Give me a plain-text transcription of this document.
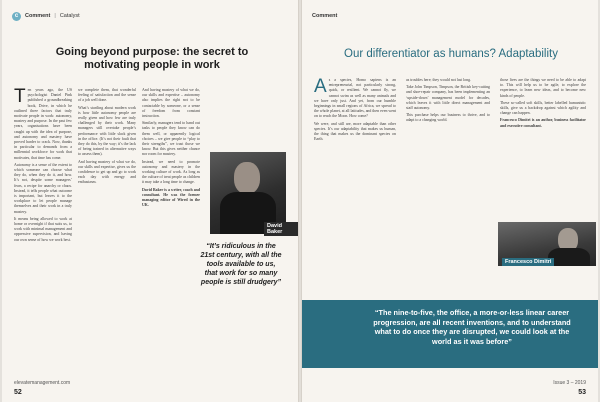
c	Comment | Catalyst
Going beyond purpose: the secret to motivating people in work
T en years ago, the US psychologist Daniel Pink published a groundbreaking book, Drive, in which he outlined three factors that truly motivate people in work: autonomy, mastery and purpose. In the past few years, organisations have been caught up with the idea of purpose, and autonomy and mastery have proved harder to crack. Now, thanks in particular to demands from a millennial workforce for work that motivates, that time has come.

Autonomy is a sense of the extent to which someone can choose what they do, when they do it, and how. It’s not, despite some managers’ fears, a recipe for anarchy or chaos. Instead, it tells people what outcome is important, but leaves it to the workplace to let people manage themselves and their work in a truly mastery.

It means being allowed to work at home or overnight if that suits us, to work with minimal management and oppressive supervision, and having our own sense of how we work best.

we complete them, that wonderful feeling of satisfaction and the sense of a job well done.

What’s startling about modern work is how little autonomy people are really given and how few are truly challenged by their work. Many managers still overtake people’s performance with little slack given in the office. (It’s not their fault that they do this, by the way; it’s the lack of being trained in alternative ways to assess them).

And having mastery of what we do, our skills and expertise, gives us the confidence to get up and go to work each day with energy and enthusiasm.

And having mastery of what we do, our skills and expertise – autonomy also implies the right not to be contactable by someone, or a sense of freedom from constant instruction.

Similarly, managers tend to hand out tasks to people they know can do them well, or apparently logical choices – we give people to “play to their strengths”, we trust those we know. But this gives neither chance nor room for mastery.

Instead, we need to promote autonomy and mastery in the working culture of work. As long as the culture of treat people as children it may take a long time to change.

David Baker is a writer, coach and consultant. He was the former managing editor of Wired in the UK.

David Baker
“It’s ridiculous in the 21st century, with all the tools available to us, that work for so many people is still drudgery”
elevatemanagement.com
52
Comment
Our differentiator as humans? Adaptability
A s a species, Homo sapiens is an entrepreneurial, not particularly strong, quick, or resilient. We cannot fly, we cannot swim as well as many animals and we have only just. And yet, from our humble beginnings in small regions of Africa, we spread to the whole planet, at all latitudes, and then even went on to reach the Moon. How come?

We were, and still are, more adaptable than other species. It’s our adaptability that makes us human, the thing that makes us the dominant species on Earth.

as troubles here; they would not last long.

Take John Timpson, Timpson, the British key-cutting and shoe-repair company, has been implementing an ‘upside-down’ management model for decades, which leaves it with little direct management and staff autonomy.

This purchase helps our business to thrive, and to adapt to a changing world.

those lives are the things we need to be able to adapt to. This will help us to be agile, to explore the experience, to learn new ideas, and to become new kinds of people.

These so-called soft skills, better labelled humanistic skills, give us a backdrop against which agility and change can happen.

Francesco Dimitri is an author, business facilitator and executive consultant.

Francesco Dimitri
“The nine-to-five, the office, a more-or-less linear career progression, are all recent inventions, and to understand what to do once they are disrupted, we could look at the world as it was before”
Issue 3 – 2019
53
